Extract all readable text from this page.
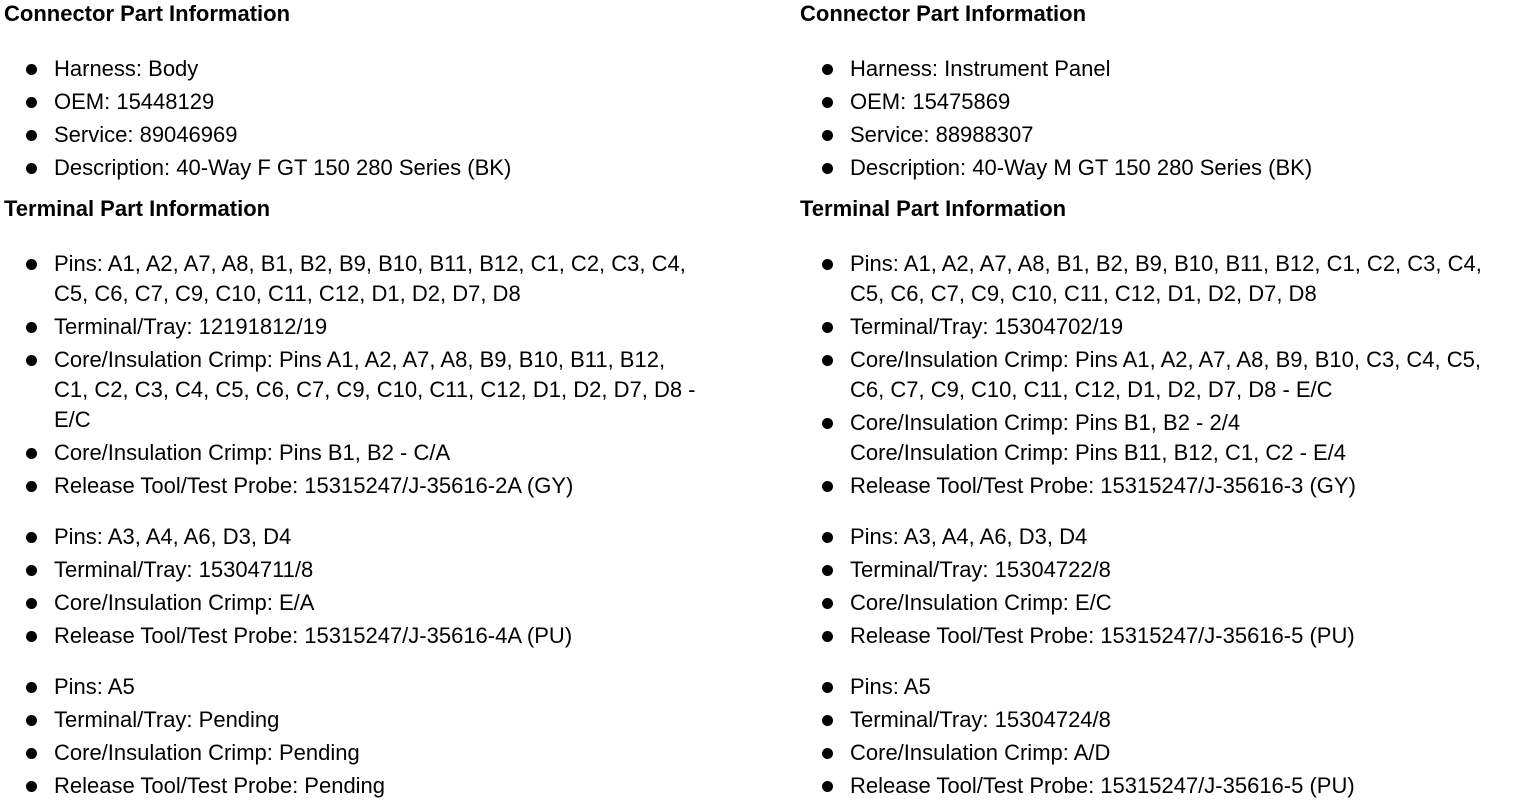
Connector Part Information
Harness: Body
OEM: 15448129
Service: 89046969
Description: 40-Way F GT 150 280 Series (BK)
Terminal Part Information
Pins: A1, A2, A7, A8, B1, B2, B9, B10, B11, B12, C1, C2, C3, C4, C5, C6, C7, C9, C10, C11, C12, D1, D2, D7, D8
Terminal/Tray: 12191812/19
Core/Insulation Crimp: Pins A1, A2, A7, A8, B9, B10, B11, B12, C1, C2, C3, C4, C5, C6, C7, C9, C10, C11, C12, D1, D2, D7, D8 - E/C
Core/Insulation Crimp: Pins B1, B2 - C/A
Release Tool/Test Probe: 15315247/J-35616-2A (GY)
Pins: A3, A4, A6, D3, D4
Terminal/Tray: 15304711/8
Core/Insulation Crimp: E/A
Release Tool/Test Probe: 15315247/J-35616-4A (PU)
Pins: A5
Terminal/Tray: Pending
Core/Insulation Crimp: Pending
Release Tool/Test Probe: Pending
Connector Part Information
Harness: Instrument Panel
OEM: 15475869
Service: 88988307
Description: 40-Way M GT 150 280 Series (BK)
Terminal Part Information
Pins: A1, A2, A7, A8, B1, B2, B9, B10, B11, B12, C1, C2, C3, C4, C5, C6, C7, C9, C10, C11, C12, D1, D2, D7, D8
Terminal/Tray: 15304702/19
Core/Insulation Crimp: Pins A1, A2, A7, A8, B9, B10, C3, C4, C5, C6, C7, C9, C10, C11, C12, D1, D2, D7, D8 - E/C
Core/Insulation Crimp: Pins B1, B2 - 2/4
Core/Insulation Crimp: Pins B11, B12, C1, C2 - E/4
Release Tool/Test Probe: 15315247/J-35616-3 (GY)
Pins: A3, A4, A6, D3, D4
Terminal/Tray: 15304722/8
Core/Insulation Crimp: E/C
Release Tool/Test Probe: 15315247/J-35616-5 (PU)
Pins: A5
Terminal/Tray: 15304724/8
Core/Insulation Crimp: A/D
Release Tool/Test Probe: 15315247/J-35616-5 (PU)
